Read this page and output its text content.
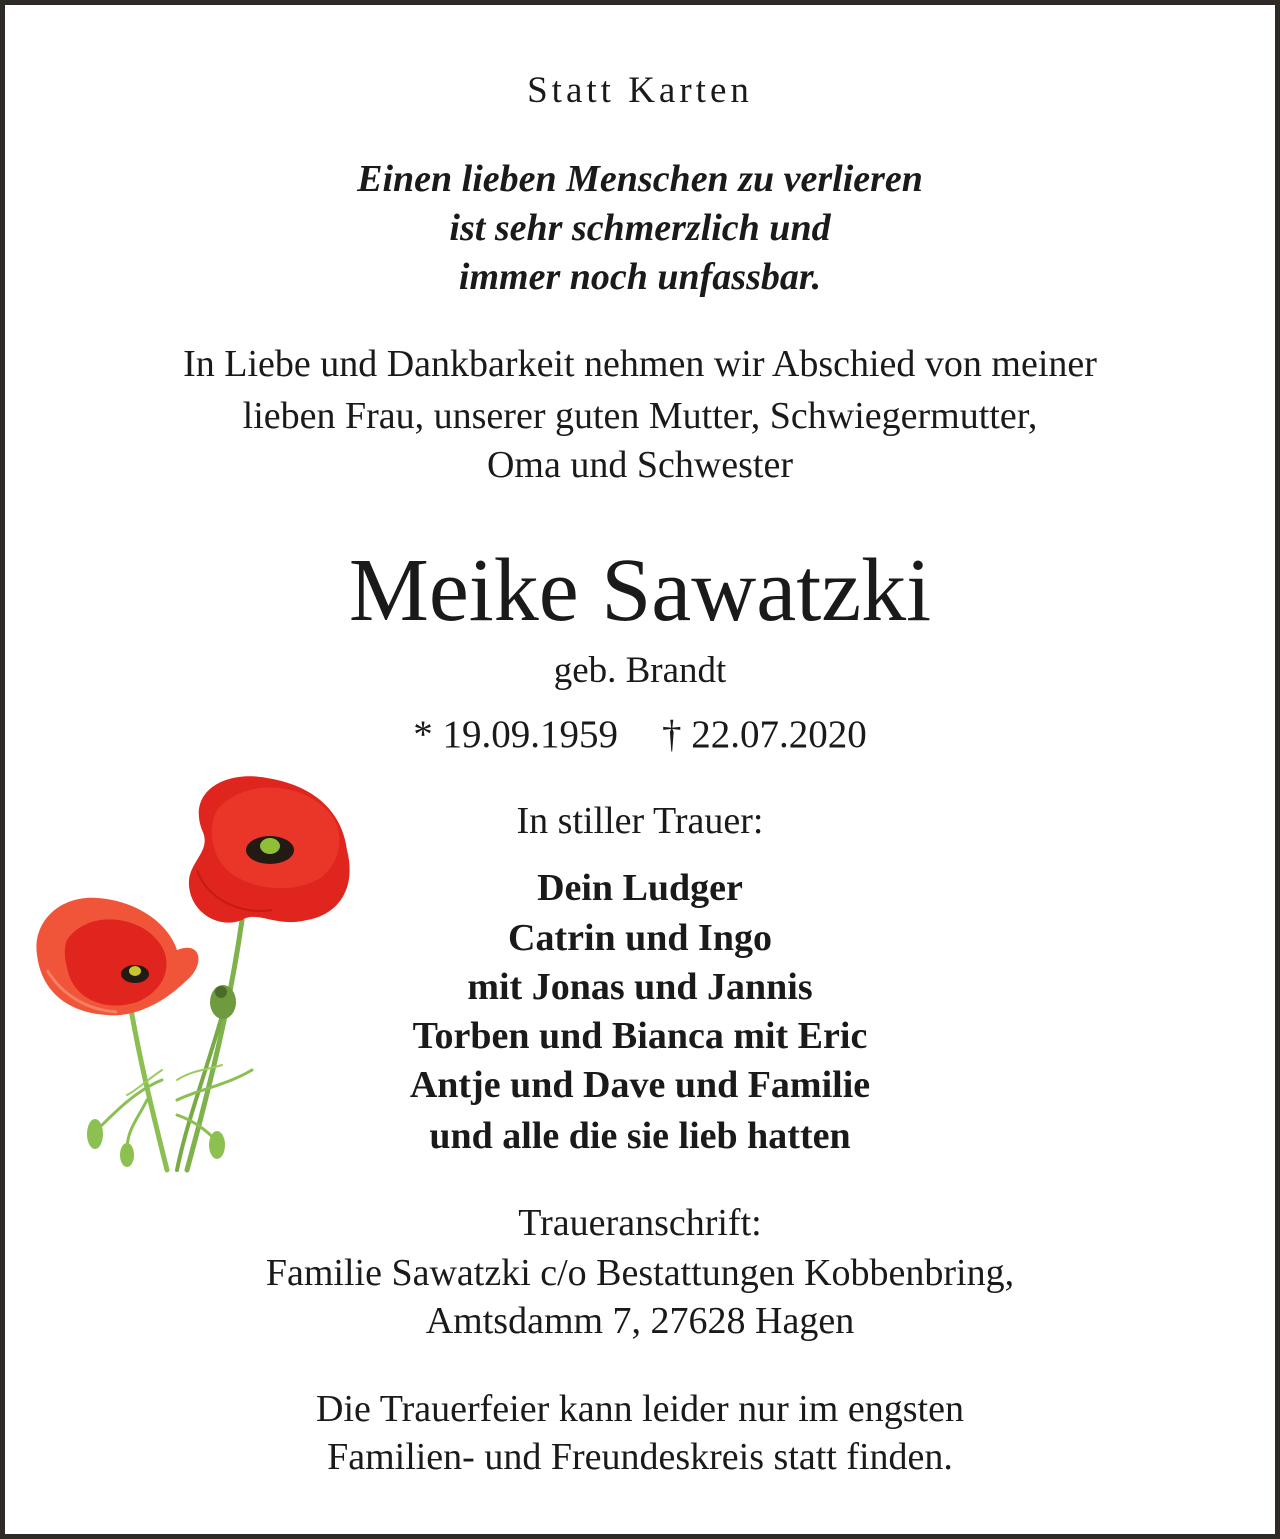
Statt Karten
Einen lieben Menschen zu verlieren
ist sehr schmerzlich und
immer noch unfassbar.
In Liebe und Dankbarkeit nehmen wir Abschied von meiner
lieben Frau, unserer guten Mutter, Schwiegermutter,
Oma und Schwester
Meike Sawatzki
geb. Brandt
* 19.09.1959 † 22.07.2020
In stiller Trauer:
Dein Ludger
Catrin und Ingo
mit Jonas und Jannis
Torben und Bianca mit Eric
Antje und Dave und Familie
und alle die sie lieb hatten
Traueranschrift:
Familie Sawatzki c/o Bestattungen Kobbenbring,
Amtsdamm 7, 27628 Hagen
Die Trauerfeier kann leider nur im engsten
Familien- und Freundeskreis statt finden.
